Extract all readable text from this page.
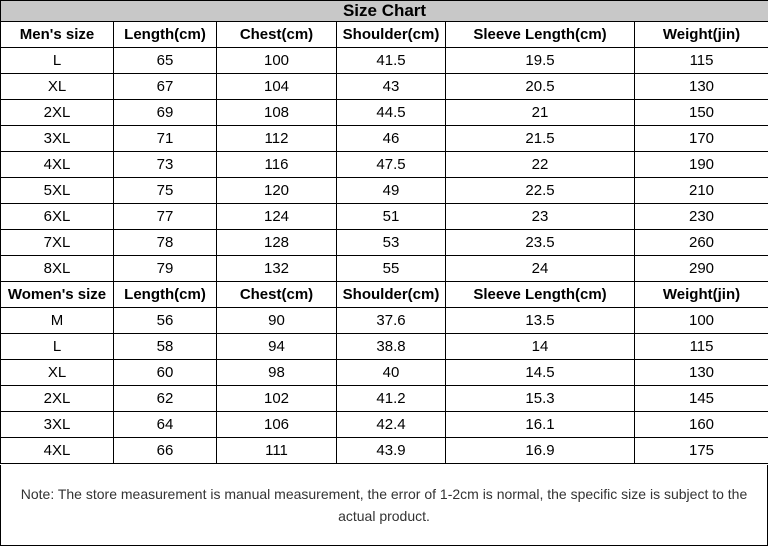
Size Chart					
Men's size	Length(cm)	Chest(cm)	Shoulder(cm)	Sleeve Length(cm)	Weight(jin)
L	65	100	41.5	19.5	115
XL	67	104	43	20.5	130
2XL	69	108	44.5	21	150
3XL	71	112	46	21.5	170
4XL	73	116	47.5	22	190
5XL	75	120	49	22.5	210
6XL	77	124	51	23	230
7XL	78	128	53	23.5	260
8XL	79	132	55	24	290
Women's size	Length(cm)	Chest(cm)	Shoulder(cm)	Sleeve Length(cm)	Weight(jin)
M	56	90	37.6	13.5	100
L	58	94	38.8	14	115
XL	60	98	40	14.5	130
2XL	62	102	41.2	15.3	145
3XL	64	106	42.4	16.1	160
4XL	66	111	43.9	16.9	175
Note: The store measurement is manual measurement, the error of 1-2cm is normal, the specific size is subject to the actual product.
